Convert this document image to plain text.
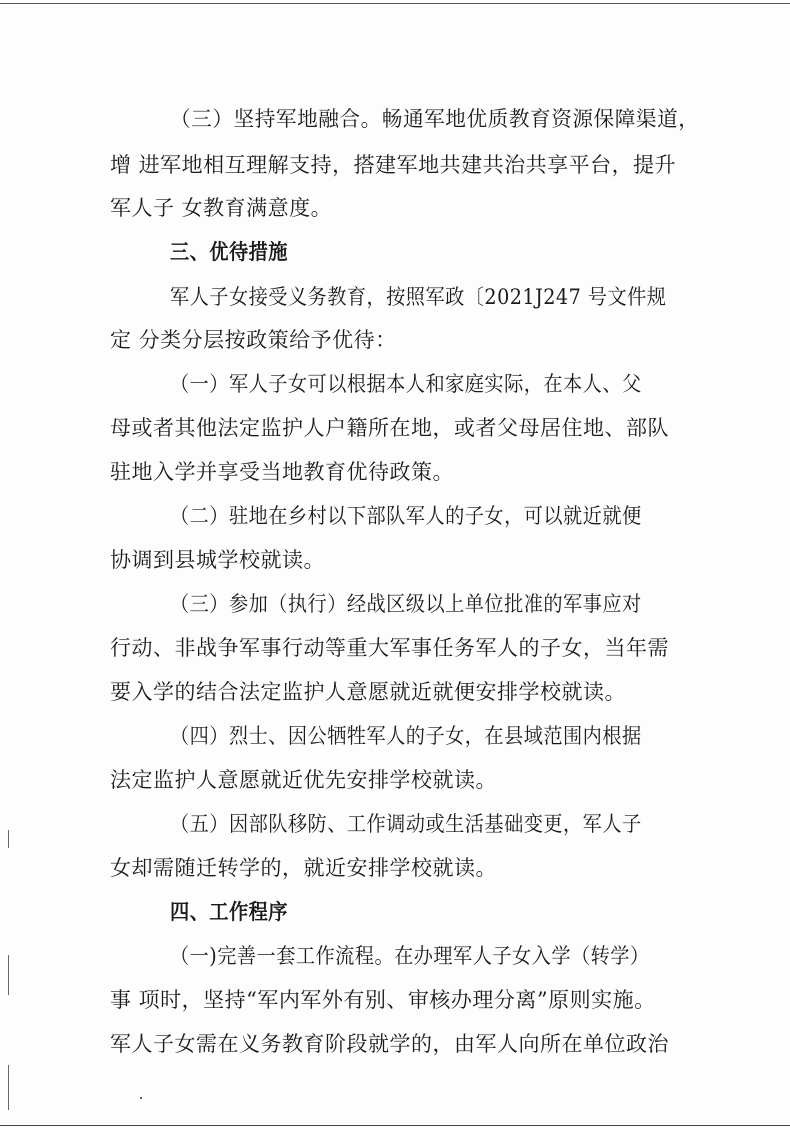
（三）坚持军地融合。畅通军地优质教育资源保障渠道，
增 进军地相互理解支持，搭建军地共建共治共享平台，提升
军人子 女教育满意度。
三、优待措施
军人子女接受义务教育，按照军政〔2021J247 号文件规
定 分类分层按政策给予优待：
（一）军人子女可以根据本人和家庭实际，在本人、父
母或者其他法定监护人户籍所在地，或者父母居住地、部队
驻地入学并享受当地教育优待政策。
（二）驻地在乡村以下部队军人的子女，可以就近就便
协调到县城学校就读。
（三）参加（执行）经战区级以上单位批准的军事应对
行动、非战争军事行动等重大军事任务军人的子女，当年需
要入学的结合法定监护人意愿就近就便安排学校就读。
（四）烈士、因公牺牲军人的子女，在县域范围内根据
法定监护人意愿就近优先安排学校就读。
（五）因部队移防、工作调动或生活基础变更，军人子
女却需随迁转学的，就近安排学校就读。
四、工作程序
（一)完善一套工作流程。在办理军人子女入学（转学）
事 项时，坚持“军内军外有别、审核办理分离”原则实施。
军人子女需在义务教育阶段就学的，由军人向所在单位政治
